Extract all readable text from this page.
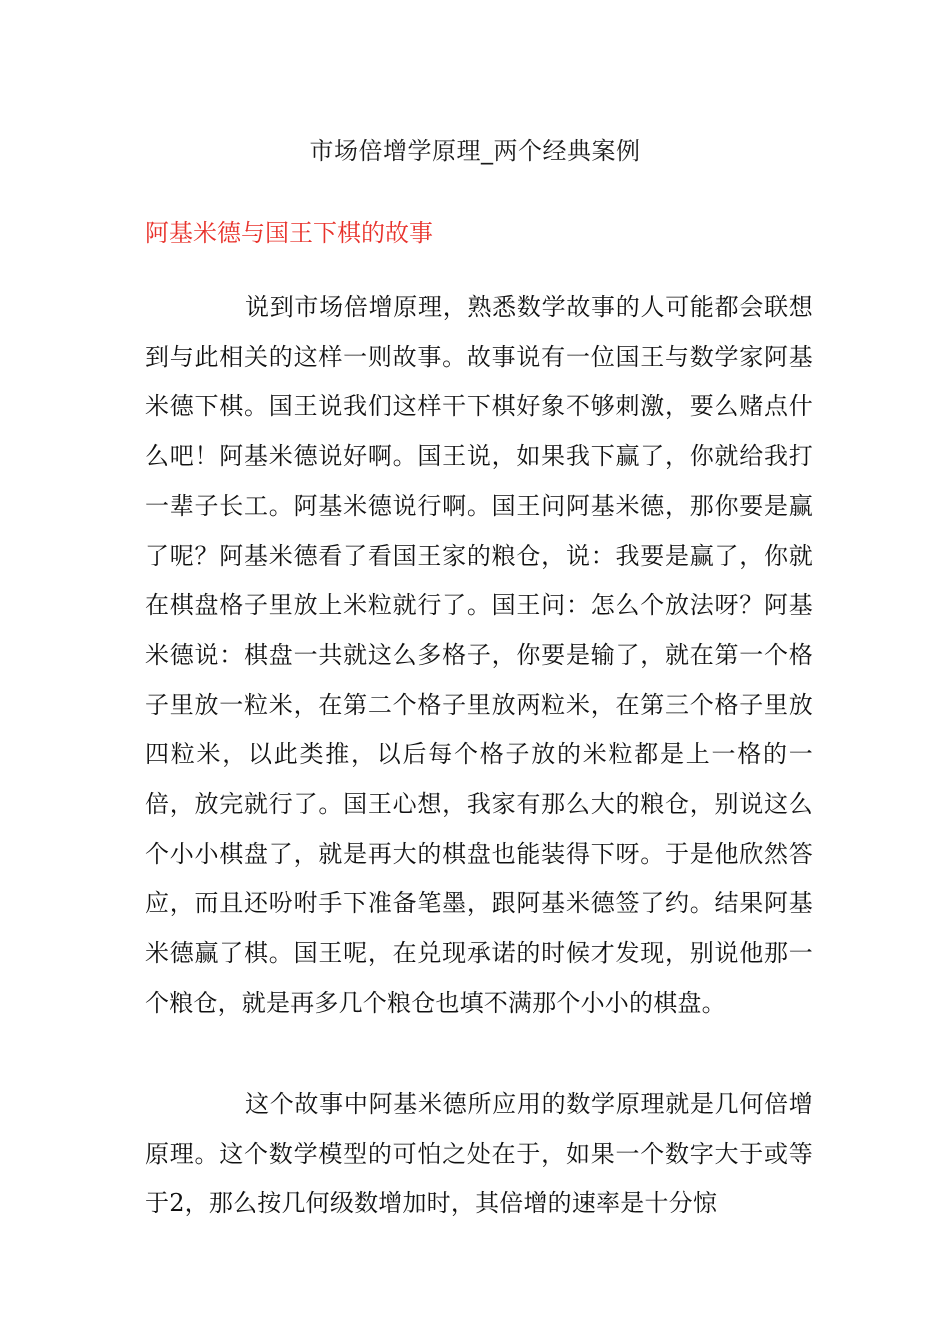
市场倍增学原理_两个经典案例
阿基米德与国王下棋的故事

说到市场倍增原理，熟悉数学故事的人可能都会联想到与此相关的这样一则故事。故事说有一位国王与数学家阿基米德下棋。国王说我们这样干下棋好象不够刺激，要么赌点什么吧！阿基米德说好啊。国王说，如果我下赢了，你就给我打一辈子长工。阿基米德说行啊。国王问阿基米德，那你要是赢了呢？阿基米德看了看国王家的粮仓，说：我要是赢了，你就在棋盘格子里放上米粒就行了。国王问：怎么个放法呀？阿基米德说：棋盘一共就这么多格子，你要是输了，就在第一个格子里放一粒米，在第二个格子里放两粒米，在第三个格子里放四粒米，以此类推，以后每个格子放的米粒都是上一格的一倍，放完就行了。国王心想，我家有那么大的粮仓，别说这么个小小棋盘了，就是再大的棋盘也能装得下呀。于是他欣然答应，而且还吩咐手下准备笔墨，跟阿基米德签了约。结果阿基米德赢了棋。国王呢，在兑现承诺的时候才发现，别说他那一个粮仓，就是再多几个粮仓也填不满那个小小的棋盘。

这个故事中阿基米德所应用的数学原理就是几何倍增原理。这个数学模型的可怕之处在于，如果一个数字大于或等于2，那么按几何级数增加时，其倍增的速率是十分惊
